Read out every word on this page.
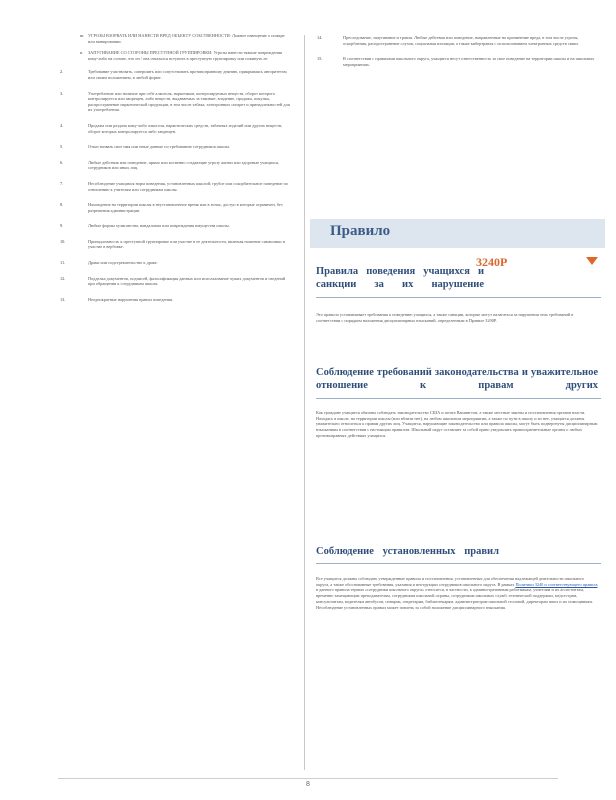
m. УГРОЗЫ ВЗОРВАТЬ ИЛИ НАНЕСТИ ВРЕД ОБЪЕКТУ СОБСТВЕННОСТИ: Ложное извещение о пожаре или минировании.
n. ЗАПУГИВАНИЕ СО СТОРОНЫ ПРЕСТУПНОЙ ГРУППИРОВКИ: Угрозы нанести тяжкие повреждения кому-либо на основе, что он / она отказался вступить в преступную группировку или покинуть ее.
2.	Требование участвовать, совершить или сопутствовать противоправному деянию, прикрываясь авторитетом или своим положением, в любой форме.
3.	Употребление или наличие при себе алкоголя, наркотиков, контролируемых веществ, оборот которого контролируется или запрещен, либо веществ, выдаваемых за таковые; владение, продажа, покупка, распространение наркотической продукции, в том числе табака, электронных сигарет и принадлежностей для их употребления.
4.	Продажа или раздача кому-либо алкоголя, наркотических средств, табачных изделий или других веществ, оборот которых контролируется либо запрещен.
5.	Отказ назвать свое имя или иные данные по требованию сотрудников школы.
6.	Любые действия или поведение, прямо или косвенно создающие угрозу жизни или здоровью учащихся, сотрудников или иных лиц.
7.	Несоблюдение учащимся норм поведения, установленных школой; грубое или оскорбительное поведение по отношению к учителям или сотрудникам школы.
8.	Нахождение на территории школы в неустановленное время или в зонах, доступ в которые ограничен, без разрешения администрации.
9.	Любые формы хулиганства, вандализма или повреждения имущества школы.
10.	Принадлежность к преступной группировке или участие в ее деятельности, включая ношение символики и участие в вербовке.
11.	Драки или подстрекательство к драке.
12.	Подделка документов, подписей, фальсификация данных или использование чужих документов и сведений при обращении к сотрудникам школы.
13.	Неоднократные нарушения правил поведения.
14.	Преследование, запугивание и травля. Любые действия или поведение, направленные на причинение вреда, в том числе угрозы, оскорбления, распространение слухов, социальная изоляция, а также кибертравля с использованием электронных средств связи.
15.	В соответствии с правилами школьного округа, учащиеся несут ответственность за свое поведение на территории школы и на школьных мероприятиях.
Правило
3240Р
Правила поведения учащихся и санкции за их нарушение

Это правило устанавливает требования к поведению учащихся, а также санкции, которые могут налагаться за нарушения этих требований в соответствии с порядком наложения дисциплинарных взысканий, определенным в Правиле 3200Р.

Соблюдение требований законодательства и уважительное отношение к правам других

Как граждане учащиеся обязаны соблюдать законодательство США и штата Вашингтон, а также местные законы и постановления органов власти. Находясь в школе, на территории школы (или вблизи нее), на любом школьном мероприятии, а также по пути в школу и из нее, учащиеся должны уважительно относиться к правам других лиц. Учащиеся, нарушающие законодательство или правила школы, могут быть подвергнуты дисциплинарным взысканиям в соответствии с настоящим правилом. Школьный округ оставляет за собой право уведомлять правоохранительные органы о любых противоправных действиях учащихся.

Соблюдение установленных правил

Все учащиеся должны соблюдать утвержденные правила и постановления, установленные для обеспечения надлежащей деятельности школьного округа, а также обоснованные требования, указания и инструкции сотрудников школьного округа. В рамках Политики 3240 и соответствующего правила в данного правила термин «сотрудники школьного округа» относится, в частности, к административным работникам, учителям и их ассистентам, временно замещающим преподавателям, сотрудникам школьной охраны, сотрудникам школьных служб, технической поддержки, медсестрам, консультантам, водителям автобусов, поварам, секретарям, библиотекарям, администраторам школьной столовой, директорам школ и их помощникам. Несоблюдение установленных правил может повлечь за собой наложение дисциплинарного взыскания.

8
